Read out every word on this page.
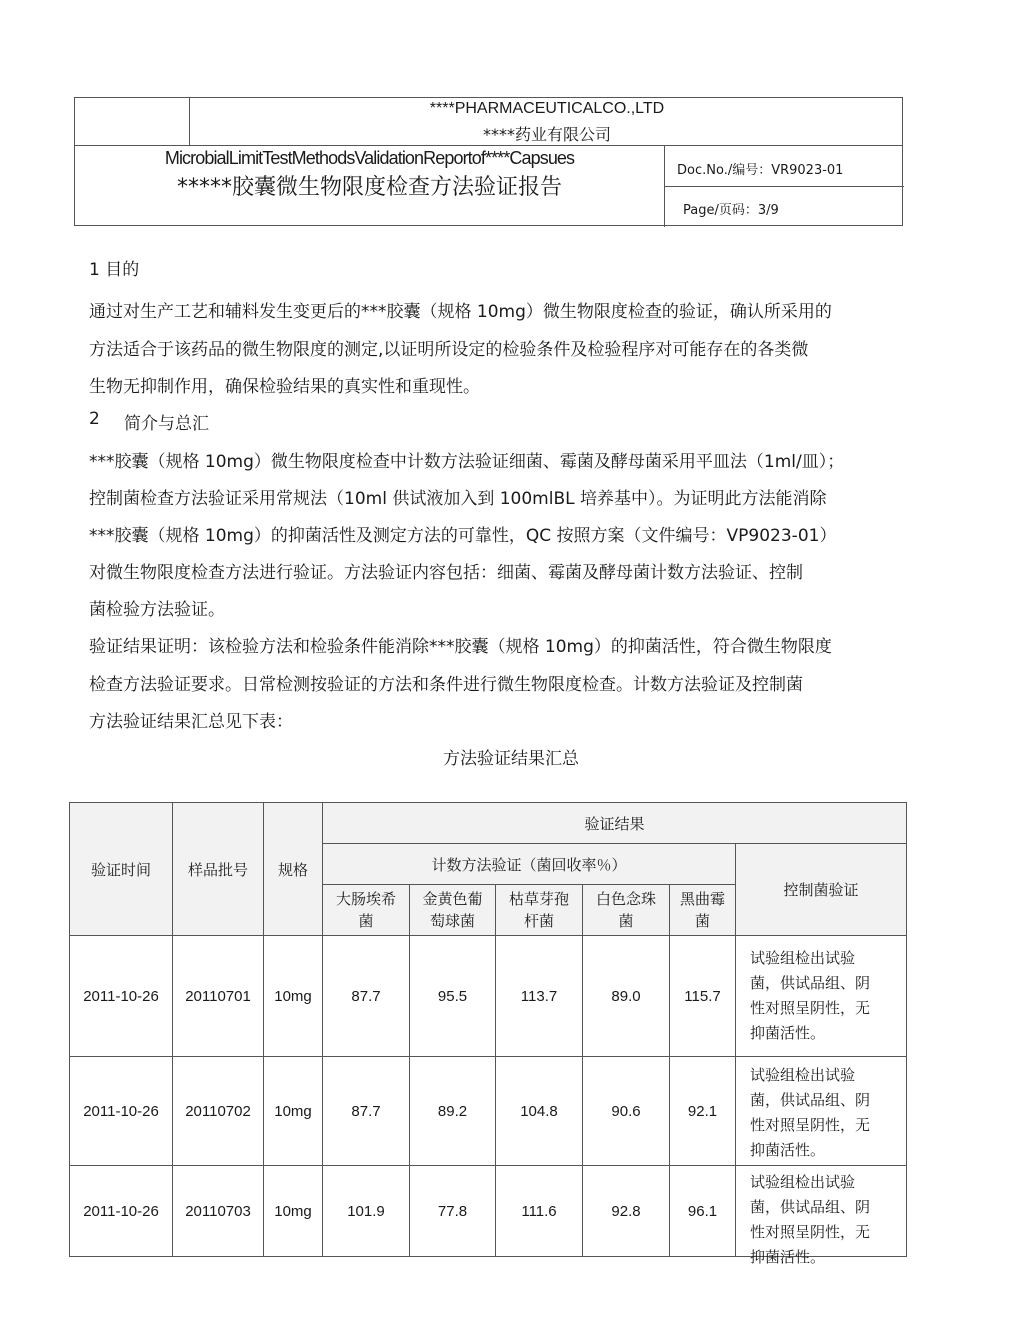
****PHARMACEUTICALCO.,LTD
****药业有限公司
MicrobialLimitTestMethodsValidationReportof****Capsues
*****胶囊微生物限度检查方法验证报告
Doc.No./编号：VR9023-01
Page/页码：3/9
1 目的
通过对生产工艺和辅料发生变更后的***胶囊（规格 10mg）微生物限度检查的验证，确认所采用的
方法适合于该药品的微生物限度的测定,以证明所设定的检验条件及检验程序对可能存在的各类微
生物无抑制作用，确保检验结果的真实性和重现性。
2 简介与总汇
***胶囊（规格 10mg）微生物限度检查中计数方法验证细菌、霉菌及酵母菌采用平皿法（1ml/皿）；
控制菌检查方法验证采用常规法（10ml 供试液加入到 100mlBL 培养基中）。为证明此方法能消除
***胶囊（规格 10mg）的抑菌活性及测定方法的可靠性，QC 按照方案（文件编号：VP9023-01）
对微生物限度检查方法进行验证。方法验证内容包括：细菌、霉菌及酵母菌计数方法验证、控制
菌检验方法验证。
验证结果证明：该检验方法和检验条件能消除***胶囊（规格 10mg）的抑菌活性，符合微生物限度
检查方法验证要求。日常检测按验证的方法和条件进行微生物限度检查。计数方法验证及控制菌
方法验证结果汇总见下表：
方法验证结果汇总
验证时间	样品批号	规格	验证结果					
			计数方法验证（菌回收率％）					控制菌验证
			大肠埃希
菌	金黄色葡
萄球菌	枯草芽孢
杆菌	白色念珠
菌	黑曲霉
菌	
2011-10-26	20110701	10mg	87.7	95.5	113.7	89.0	115.7	试验组检出试验
菌，供试品组、阴
性对照呈阴性，无
抑菌活性。
2011-10-26	20110702	10mg	87.7	89.2	104.8	90.6	92.1	试验组检出试验
菌，供试品组、阴
性对照呈阴性，无
抑菌活性。
2011-10-26	20110703	10mg	101.9	77.8	111.6	92.8	96.1	试验组检出试验
菌，供试品组、阴
性对照呈阴性，无
抑菌活性。
